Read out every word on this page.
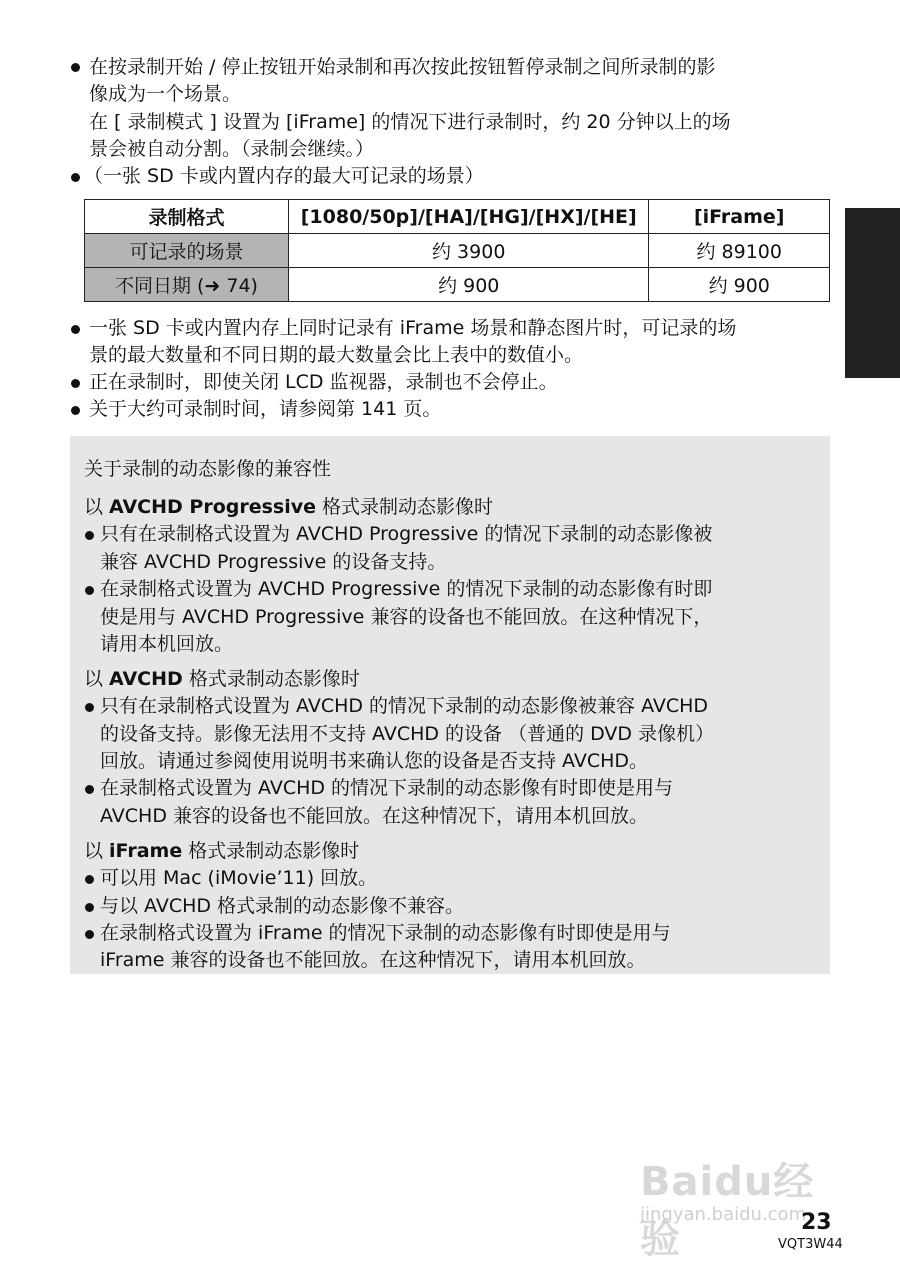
在按录制开始 / 停止按钮开始录制和再次按此按钮暂停录制之间所录制的影
像成为一个场景。
在 [ 录制模式 ] 设置为 [iFrame] 的情况下进行录制时，约 20 分钟以上的场
景会被自动分割。（录制会继续。）
（一张 SD 卡或内置内存的最大可记录的场景）
录制格式	[1080/50p]/[HA]/[HG]/[HX]/[HE]	[iFrame]
可记录的场景	约 3900	约 89100
不同日期 (➜ 74)	约 900	约 900
一张 SD 卡或内置内存上同时记录有 iFrame 场景和静态图片时，可记录的场
景的最大数量和不同日期的最大数量会比上表中的数值小。
正在录制时，即使关闭 LCD 监视器，录制也不会停止。
关于大约可录制时间，请参阅第 141 页。
关于录制的动态影像的兼容性
以 AVCHD Progressive 格式录制动态影像时
只有在录制格式设置为 AVCHD Progressive 的情况下录制的动态影像被
兼容 AVCHD Progressive 的设备支持。
在录制格式设置为 AVCHD Progressive 的情况下录制的动态影像有时即
使是用与 AVCHD Progressive 兼容的设备也不能回放。在这种情况下，
请用本机回放。
以 AVCHD 格式录制动态影像时
只有在录制格式设置为 AVCHD 的情况下录制的动态影像被兼容 AVCHD
的设备支持。影像无法用不支持 AVCHD 的设备 （普通的 DVD 录像机）
回放。请通过参阅使用说明书来确认您的设备是否支持 AVCHD。
在录制格式设置为 AVCHD 的情况下录制的动态影像有时即使是用与
AVCHD 兼容的设备也不能回放。在这种情况下，请用本机回放。
以 iFrame 格式录制动态影像时
可以用 Mac (iMovie’11) 回放。
与以 AVCHD 格式录制的动态影像不兼容。
在录制格式设置为 iFrame 的情况下录制的动态影像有时即使是用与
iFrame 兼容的设备也不能回放。在这种情况下，请用本机回放。
Baidu经验
jingyan.baidu.com
23
VQT3W44
